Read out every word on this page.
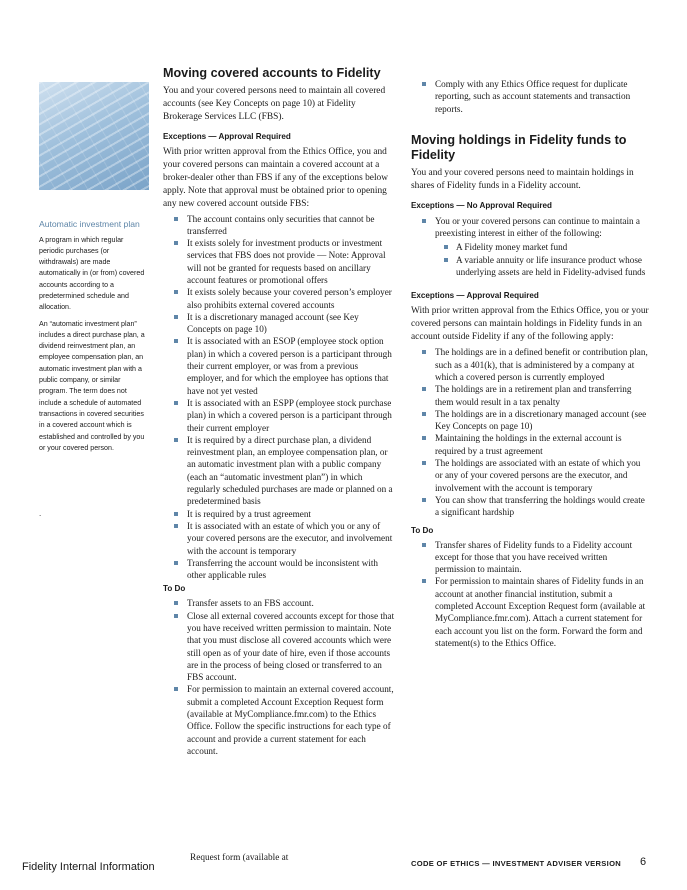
Automatic investment plan

A program in which regular periodic purchases (or withdrawals) are made automatically in (or from) covered accounts according to a predetermined schedule and allocation.

An “automatic investment plan” includes a direct purchase plan, a dividend reinvestment plan, an employee compensation plan, an automatic investment plan with a public company, or similar program. The term does not include a schedule of automated transactions in covered securities in a covered account which is established and controlled by you or your covered person.

.
Moving covered accounts to Fidelity

You and your covered persons need to maintain all covered accounts (see Key Concepts on page 10) at Fidelity Brokerage Services LLC (FBS).

Exceptions — Approval Required

With prior written approval from the Ethics Office, you and your covered persons can maintain a covered account at a broker-dealer other than FBS if any of the exceptions below apply. Note that approval must be obtained prior to opening any new covered account outside FBS:

The account contains only securities that cannot be transferred
It exists solely for investment products or investment services that FBS does not provide — Note: Approval will not be granted for requests based on ancillary account features or promotional offers
It exists solely because your covered person’s employer also prohibits external covered accounts
It is a discretionary managed account (see Key Concepts on page 10)
It is associated with an ESOP (employee stock option plan) in which a covered person is a participant through their current employer, or was from a previous employer, and for which the employee has options that have not yet vested
It is associated with an ESPP (employee stock purchase plan) in which a covered person is a participant through their current employer
It is required by a direct purchase plan, a dividend reinvestment plan, an employee compensation plan, or an automatic investment plan with a public company (each an “automatic investment plan”) in which regularly scheduled purchases are made or planned on a predetermined basis
It is required by a trust agreement
It is associated with an estate of which you or any of your covered persons are the executor, and involvement with the account is temporary
Transferring the account would be inconsistent with other applicable rules
To Do
Transfer assets to an FBS account.
Close all external covered accounts except for those that you have received written permission to maintain. Note that you must disclose all covered accounts which were still open as of your date of hire, even if those accounts are in the process of being closed or transferred to an FBS account.
For permission to maintain an external covered account, submit a completed Account Exception Request form (available at MyCompliance.fmr.com) to the Ethics Office. Follow the specific instructions for each type of account and provide a current statement for each account.
Comply with any Ethics Office request for duplicate reporting, such as account statements and transaction reports.
Moving holdings in Fidelity funds to Fidelity

You and your covered persons need to maintain holdings in shares of Fidelity funds in a Fidelity account.

Exceptions — No Approval Required
You or your covered persons can continue to maintain a preexisting interest in either of the following:
A Fidelity money market fund
A variable annuity or life insurance product whose underlying assets are held in Fidelity-advised funds
Exceptions — Approval Required

With prior written approval from the Ethics Office, you or your covered persons can maintain holdings in Fidelity funds in an account outside Fidelity if any of the following apply:

The holdings are in a defined benefit or contribution plan, such as a 401(k), that is administered by a company at which a covered person is currently employed
The holdings are in a retirement plan and transferring them would result in a tax penalty
The holdings are in a discretionary managed account (see Key Concepts on page 10)
Maintaining the holdings in the external account is required by a trust agreement
The holdings are associated with an estate of which you or any of your covered persons are the executor, and involvement with the account is temporary
You can show that transferring the holdings would create a significant hardship
To Do
Transfer shares of Fidelity funds to a Fidelity account except for those that you have received written permission to maintain.
For permission to maintain shares of Fidelity funds in an account at another financial institution, submit a completed Account Exception Request form (available at MyCompliance.fmr.com). Attach a current statement for each account you list on the form. Forward the form and statement(s) to the Ethics Office.
Fidelity Internal Information
Request form (available at
CODE OF ETHICS — INVESTMENT ADVISER VERSION 6
